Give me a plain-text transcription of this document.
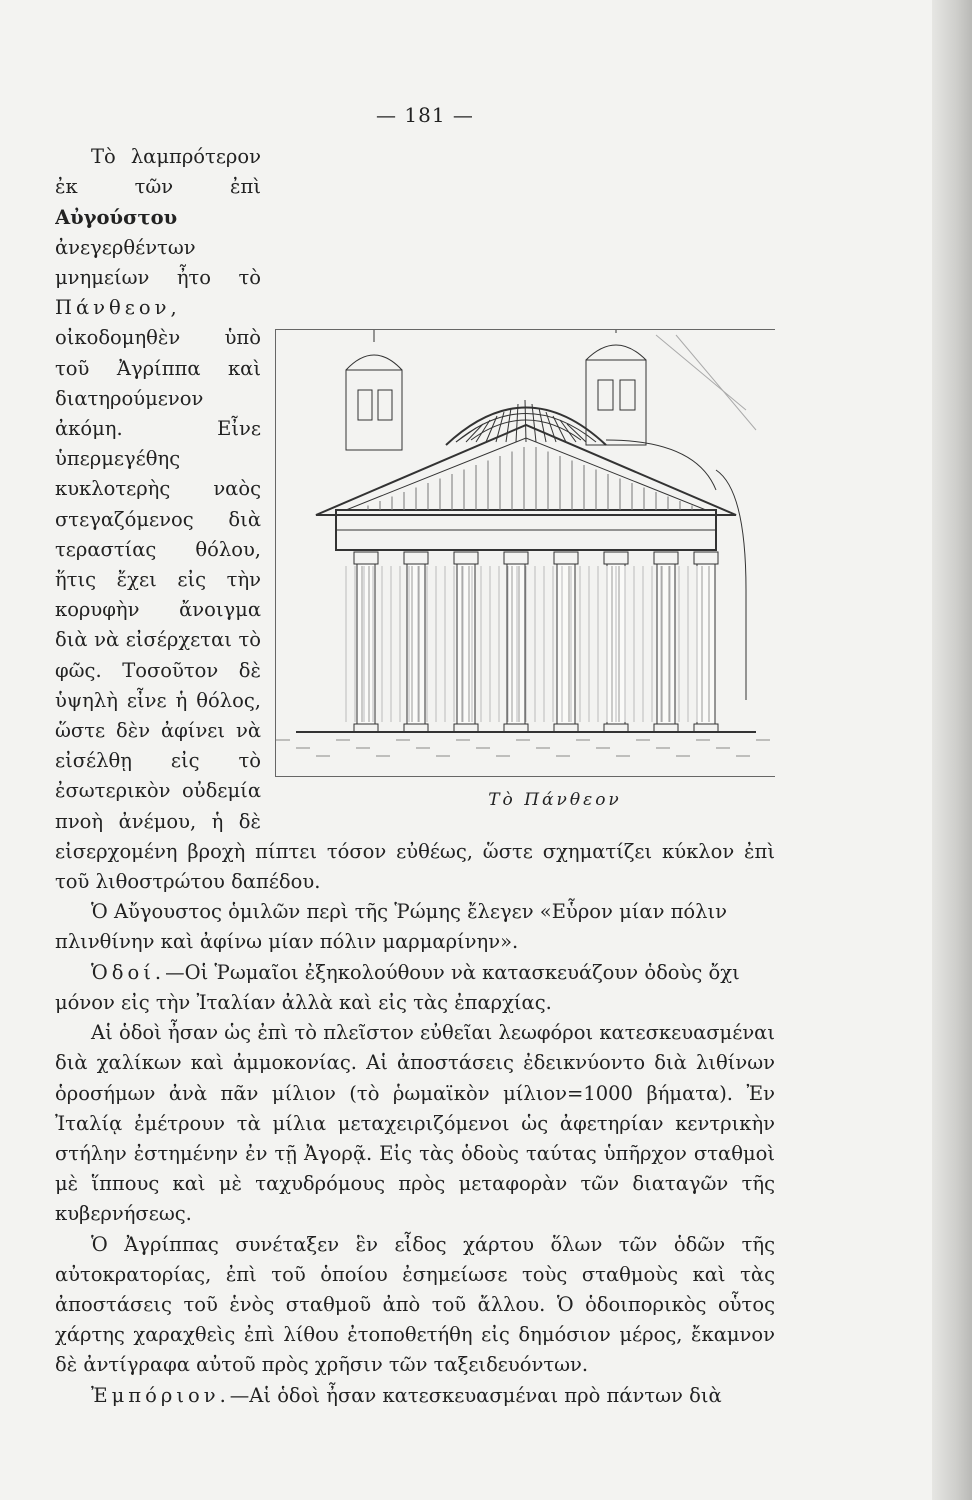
— 181 —
Τὸ Πάνθεον

Τὸ λαμπρότερον ἐκ τῶν ἐπὶ Αὐγούστου ἀνεγερθέντων μνημείων ἦτο τὸ Πάνθεον, οἰκοδομηθὲν ὑπὸ τοῦ Ἀγρίππα καὶ διατηρούμενον ἀκόμη. Εἶνε ὑπερμεγέθης κυκλοτερὴς ναὸς στεγαζόμενος διὰ τεραστίας θόλου, ἥτις ἔχει εἰς τὴν κορυφὴν ἄνοιγμα διὰ νὰ εἰσέρχεται τὸ φῶς. Τοσοῦτον δὲ ὑψηλὴ εἶνε ἡ θόλος, ὥστε δὲν ἀφίνει νὰ εἰσέλθῃ εἰς τὸ ἐσωτερικὸν οὐδεμία πνοὴ ἀνέμου, ἡ δὲ εἰσερχομένη βροχὴ πίπτει τόσον εὐθέως, ὥστε σχηματίζει κύκλον ἐπὶ τοῦ λιθοστρώτου δαπέδου.

Ὁ Αὔγουστος ὁμιλῶν περὶ τῆς Ῥώμης ἔλεγεν «Εὗρον μίαν πόλιν πλινθίνην καὶ ἀφίνω μίαν πόλιν μαρμαρίνην».

Ὁδοί.—Οἱ Ῥωμαῖοι ἐξηκολούθουν νὰ κατασκευάζουν ὁδοὺς ὄχι μόνον εἰς τὴν Ἰταλίαν ἀλλὰ καὶ εἰς τὰς ἐπαρχίας.

Αἱ ὁδοὶ ἦσαν ὡς ἐπὶ τὸ πλεῖστον εὐθεῖαι λεωφόροι κατεσκευασμέναι διὰ χαλίκων καὶ ἀμμοκονίας. Αἱ ἀποστάσεις ἐδεικνύοντο διὰ λιθίνων ὁροσήμων ἀνὰ πᾶν μίλιον (τὸ ῥωμαϊκὸν μίλιον=1000 βήματα). Ἐν Ἰταλίᾳ ἐμέτρουν τὰ μίλια μεταχειριζόμενοι ὡς ἀφετηρίαν κεντρικὴν στήλην ἐστημένην ἐν τῇ Ἀγορᾷ. Εἰς τὰς ὁδοὺς ταύτας ὑπῆρχον σταθμοὶ μὲ ἵππους καὶ μὲ ταχυδρόμους πρὸς μεταφορὰν τῶν διαταγῶν τῆς κυβερνήσεως.

Ὁ Ἀγρίππας συνέταξεν ἓν εἶδος χάρτου ὅλων τῶν ὁδῶν τῆς αὐτοκρατορίας, ἐπὶ τοῦ ὁποίου ἐσημείωσε τοὺς σταθμοὺς καὶ τὰς ἀποστάσεις τοῦ ἑνὸς σταθμοῦ ἀπὸ τοῦ ἄλλου. Ὁ ὁδοιπορικὸς οὗτος χάρτης χαραχθεὶς ἐπὶ λίθου ἐτοποθετήθη εἰς δημόσιον μέρος, ἔκαμνον δὲ ἀντίγραφα αὐτοῦ πρὸς χρῆσιν τῶν ταξειδευόντων.

Ἐμπόριον.—Αἱ ὁδοὶ ἦσαν κατεσκευασμέναι πρὸ πάντων διὰ
